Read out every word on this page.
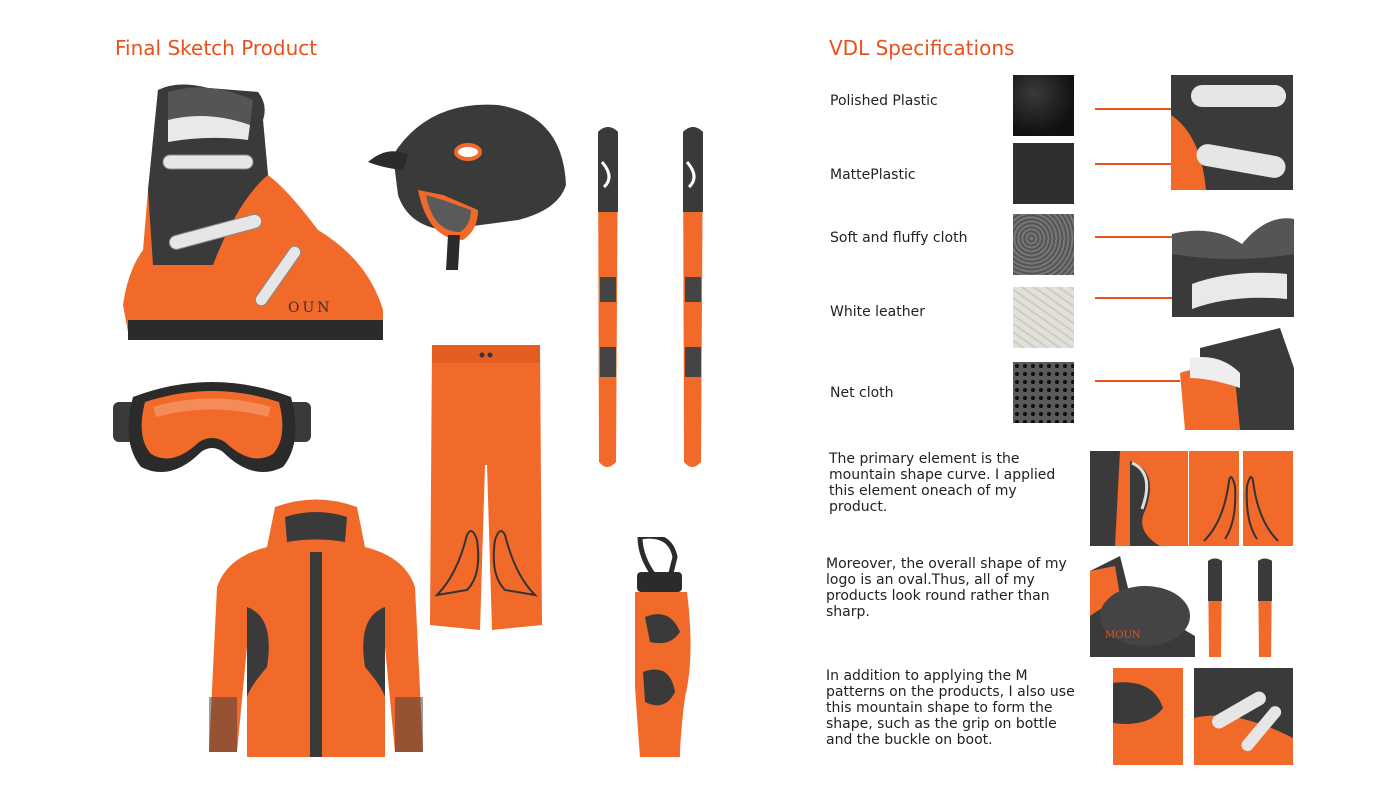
Final Sketch Product	VDL Specifications
OUN
Polished Plastic
MattePlastic
Soft and fluffy cloth
White leather
Net cloth
The primary element is the mountain shape curve. I applied this element oneach of my product.
Moreover, the overall shape of my logo is an oval.Thus, all of my products look round rather than sharp.
In addition to applying the M patterns on the products, I also use this mountain shape to form the shape, such as the grip on bottle and the buckle on boot.
MOUN
